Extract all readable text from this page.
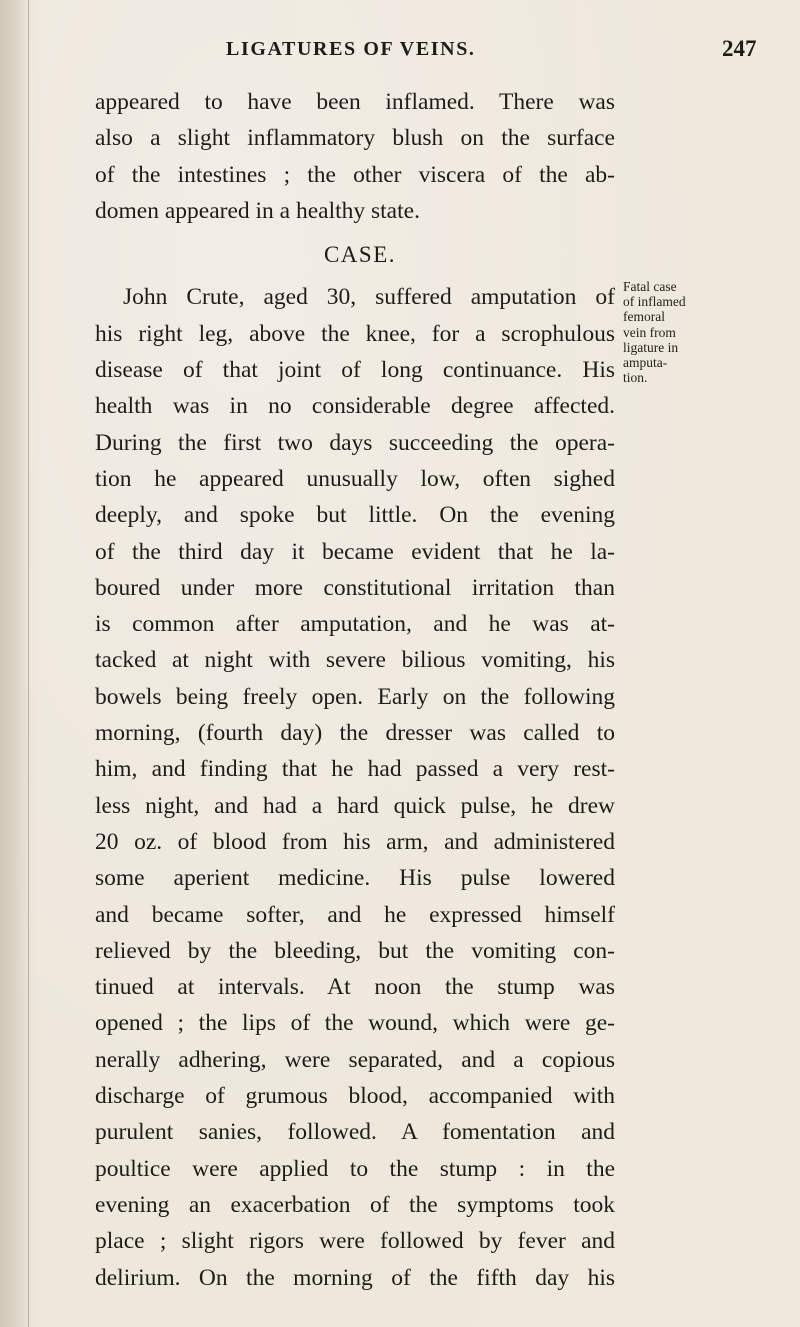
LIGATURES OF VEINS.	247
appeared to have been inflamed. There was
also a slight inflammatory blush on the surface
of the intestines ; the other viscera of the ab-
domen appeared in a healthy state.
CASE.
John Crute, aged 30, suffered amputation of
his right leg, above the knee, for a scrophulous
disease of that joint of long continuance. His
health was in no considerable degree affected.
During the first two days succeeding the opera-
tion he appeared unusually low, often sighed
deeply, and spoke but little. On the evening
of the third day it became evident that he la-
boured under more constitutional irritation than
is common after amputation, and he was at-
tacked at night with severe bilious vomiting, his
bowels being freely open. Early on the following
morning, (fourth day) the dresser was called to
him, and finding that he had passed a very rest-
less night, and had a hard quick pulse, he drew
20 oz. of blood from his arm, and administered
some aperient medicine. His pulse lowered
and became softer, and he expressed himself
relieved by the bleeding, but the vomiting con-
tinued at intervals. At noon the stump was
opened ; the lips of the wound, which were ge-
nerally adhering, were separated, and a copious
discharge of grumous blood, accompanied with
purulent sanies, followed. A fomentation and
poultice were applied to the stump : in the
evening an exacerbation of the symptoms took
place ; slight rigors were followed by fever and
delirium. On the morning of the fifth day his
Fatal case
of inflamed
femoral
vein from
ligature in
amputa-
tion.
